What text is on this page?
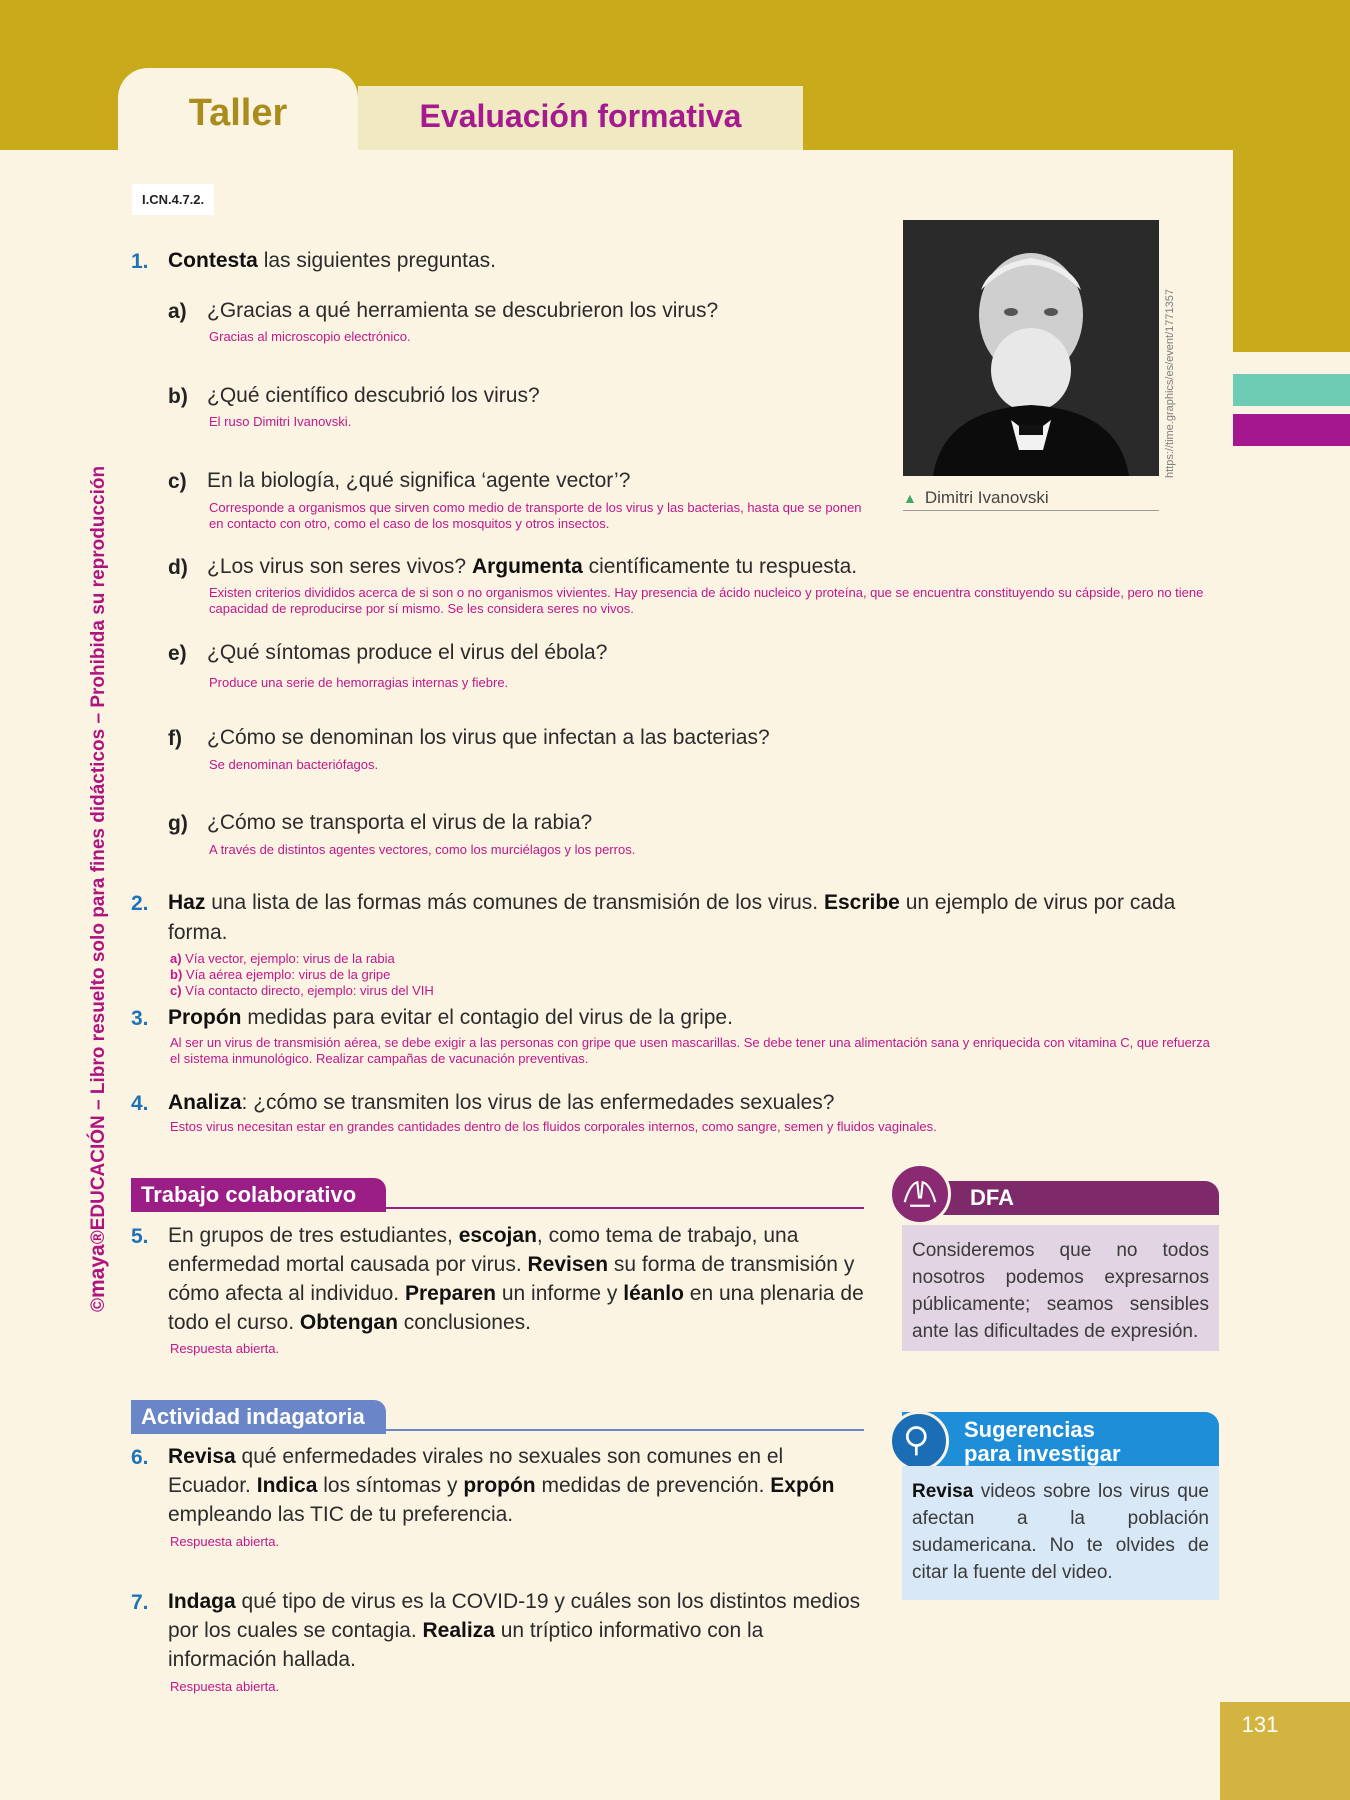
Taller	Evaluación formativa
©maya®EDUCACIÓN – Libro resuelto solo para fines didácticos – Prohibida su reproducción
I.CN.4.7.2.
https://time.graphics/es/event/1771357
▲ Dimitri Ivanovski
1. Contesta las siguientes preguntas.
a) ¿Gracias a qué herramienta se descubrieron los virus?
Gracias al microscopio electrónico.
b) ¿Qué científico descubrió los virus?
El ruso Dimitri Ivanovski.
c) En la biología, ¿qué significa ‘agente vector’?
Corresponde a organismos que sirven como medio de transporte de los virus y las bacterias, hasta que se ponen en contacto con otro, como el caso de los mosquitos y otros insectos.
d) ¿Los virus son seres vivos? Argumenta científicamente tu respuesta.
Existen criterios divididos acerca de si son o no organismos vivientes. Hay presencia de ácido nucleico y proteína, que se encuentra constituyendo su cápside, pero no tiene capacidad de reproducirse por sí mismo. Se les considera seres no vivos.
e) ¿Qué síntomas produce el virus del ébola?
Produce una serie de hemorragias internas y fiebre.
f) ¿Cómo se denominan los virus que infectan a las bacterias?
Se denominan bacteriófagos.
g) ¿Cómo se transporta el virus de la rabia?
A través de distintos agentes vectores, como los murciélagos y los perros.
2. Haz una lista de las formas más comunes de transmisión de los virus. Escribe un ejemplo de virus por cada forma.
a) Vía vector, ejemplo: virus de la rabia
b) Vía aérea ejemplo: virus de la gripe
c) Vía contacto directo, ejemplo: virus del VIH
3. Propón medidas para evitar el contagio del virus de la gripe.
Al ser un virus de transmisión aérea, se debe exigir a las personas con gripe que usen mascarillas. Se debe tener una alimentación sana y enriquecida con vitamina C, que refuerza el sistema inmunológico. Realizar campañas de vacunación preventivas.
4. Analiza: ¿cómo se transmiten los virus de las enfermedades sexuales?
Estos virus necesitan estar en grandes cantidades dentro de los fluidos corporales internos, como sangre, semen y fluidos vaginales.
Trabajo colaborativo
5. En grupos de tres estudiantes, escojan, como tema de trabajo, una enfermedad mortal causada por virus. Revisen su forma de transmisión y cómo afecta al individuo. Preparen un informe y léanlo en una plenaria de todo el curso. Obtengan conclusiones.
Respuesta abierta.
DFA
Consideremos que no todos nosotros podemos expresarnos públicamente; seamos sensibles ante las dificultades de expresión.
Actividad indagatoria
6. Revisa qué enfermedades virales no sexuales son comunes en el Ecuador. Indica los síntomas y propón medidas de prevención. Expón empleando las TIC de tu preferencia.
Respuesta abierta.
7. Indaga qué tipo de virus es la COVID-19 y cuáles son los distintos medios por los cuales se contagia. Realiza un tríptico informativo con la información hallada.
Respuesta abierta.
Sugerencias
para investigar
Revisa videos sobre los virus que afectan a la población sudamericana. No te olvides de citar la fuente del video.
131
